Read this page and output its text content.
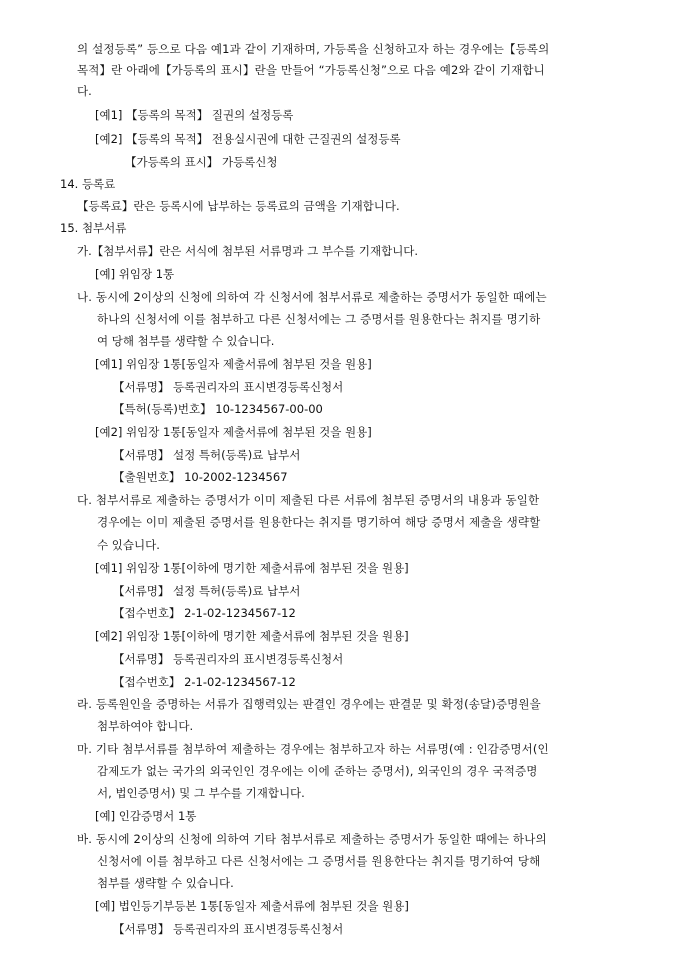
의 설정등록” 등으로 다음 예1과 같이 기재하며, 가등록을 신청하고자 하는 경우에는【등록의
목적】란 아래에【가등록의 표시】란을 만들어 “가등록신청”으로 다음 예2와 같이 기재합니
다.
[예1] 【등록의 목적】 질권의 설정등록
[예2] 【등록의 목적】 전용실시권에 대한 근질권의 설정등록
【가등록의 표시】 가등록신청
14. 등록료
【등록료】란은 등록시에 납부하는 등록료의 금액을 기재합니다.
15. 첨부서류
가.【첨부서류】란은 서식에 첨부된 서류명과 그 부수를 기재합니다.
[예] 위임장 1통
나. 동시에 2이상의 신청에 의하여 각 신청서에 첨부서류로 제출하는 증명서가 동일한 때에는
하나의 신청서에 이를 첨부하고 다른 신청서에는 그 증명서를 원용한다는 취지를 명기하
여 당해 첨부를 생략할 수 있습니다.
[예1] 위임장 1통[동일자 제출서류에 첨부된 것을 원용]
【서류명】 등록권리자의 표시변경등록신청서
【특허(등록)번호】 10-1234567-00-00
[예2] 위임장 1통[동일자 제출서류에 첨부된 것을 원용]
【서류명】 설정 특허(등록)료 납부서
【출원번호】 10-2002-1234567
다. 첨부서류로 제출하는 증명서가 이미 제출된 다른 서류에 첨부된 증명서의 내용과 동일한
경우에는 이미 제출된 증명서를 원용한다는 취지를 명기하여 해당 증명서 제출을 생략할
수 있습니다.
[예1] 위임장 1통[이하에 명기한 제출서류에 첨부된 것을 원용]
【서류명】 설정 특허(등록)료 납부서
【접수번호】 2-1-02-1234567-12
[예2] 위임장 1통[이하에 명기한 제출서류에 첨부된 것을 원용]
【서류명】 등록권리자의 표시변경등록신청서
【접수번호】 2-1-02-1234567-12
라. 등록원인을 증명하는 서류가 집행력있는 판결인 경우에는 판결문 및 확정(송달)증명원을
첨부하여야 합니다.
마. 기타 첨부서류를 첨부하여 제출하는 경우에는 첨부하고자 하는 서류명(예 : 인감증명서(인
감제도가 없는 국가의 외국인인 경우에는 이에 준하는 증명서), 외국인의 경우 국적증명
서, 법인증명서) 및 그 부수를 기재합니다.
[예] 인감증명서 1통
바. 동시에 2이상의 신청에 의하여 기타 첨부서류로 제출하는 증명서가 동일한 때에는 하나의
신청서에 이를 첨부하고 다른 신청서에는 그 증명서를 원용한다는 취지를 명기하여 당해
첨부를 생략할 수 있습니다.
[예] 법인등기부등본 1통[동일자 제출서류에 첨부된 것을 원용]
【서류명】 등록권리자의 표시변경등록신청서
